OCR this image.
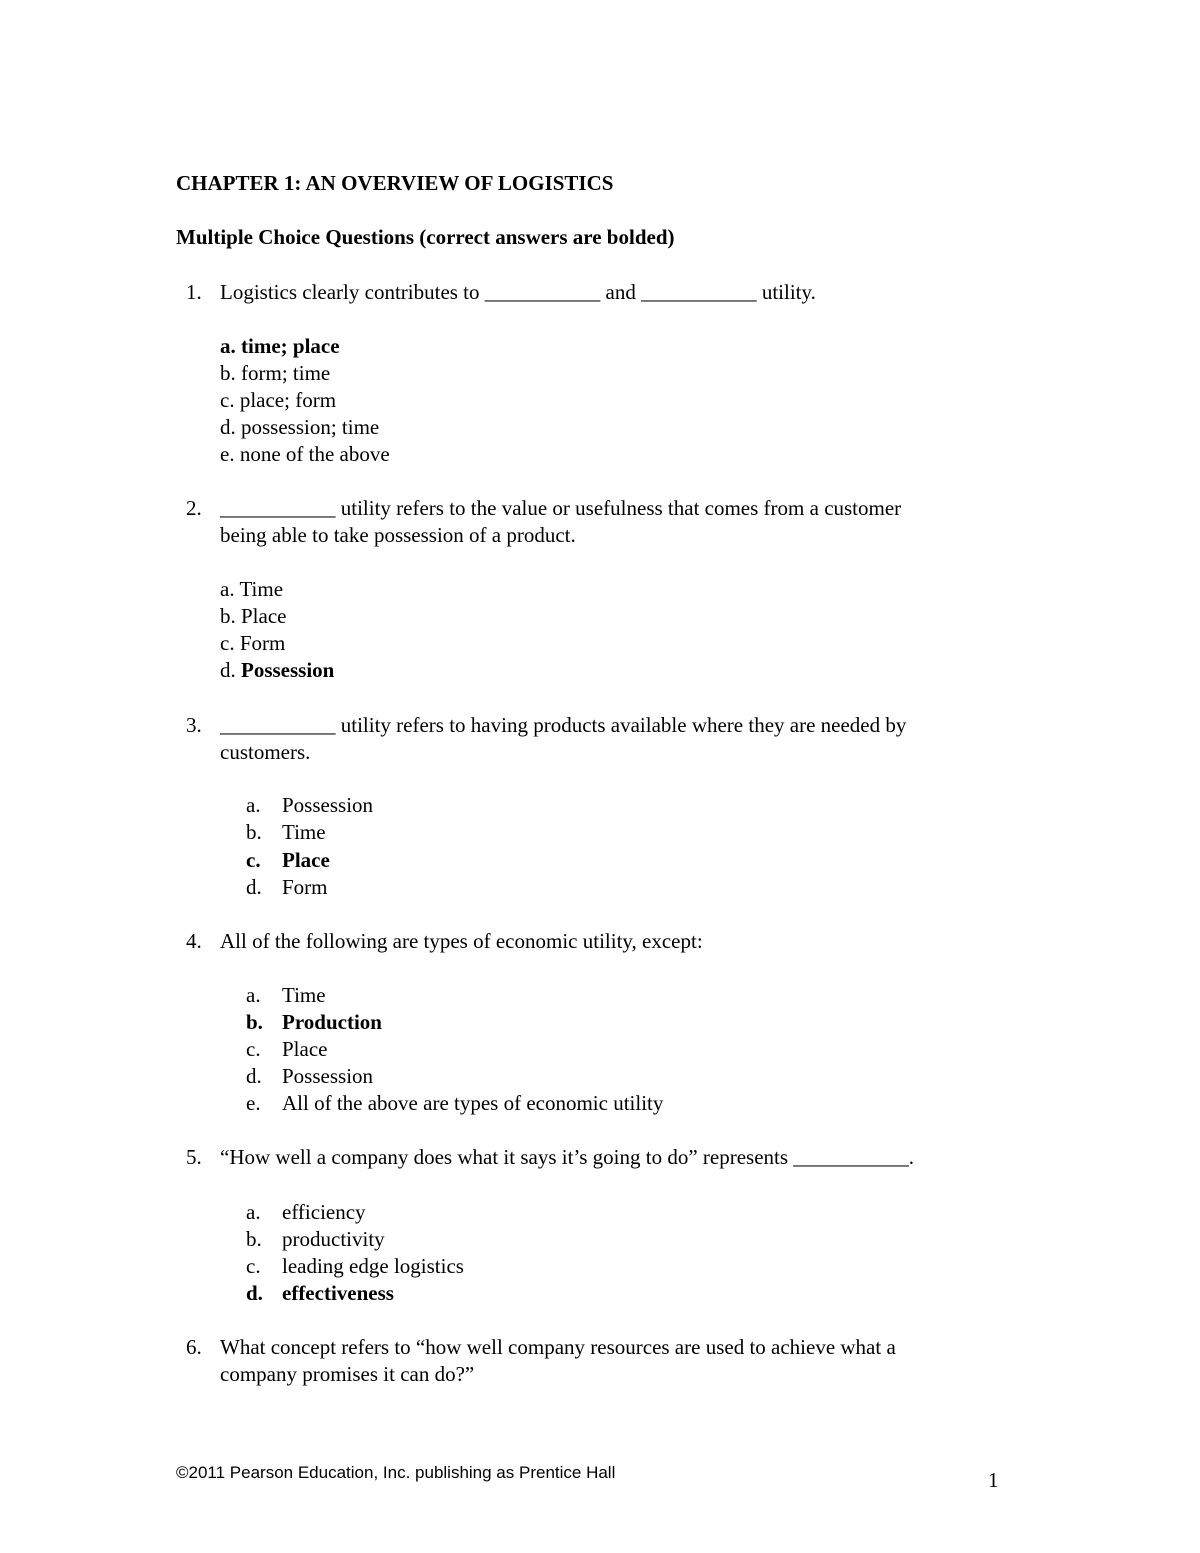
CHAPTER 1: AN OVERVIEW OF LOGISTICS
Multiple Choice Questions (correct answers are bolded)
1. Logistics clearly contributes to ___________ and ___________ utility.
a. time; place
b. form; time
c. place; form
d. possession; time
e. none of the above
2. ___________ utility refers to the value or usefulness that comes from a customer
being able to take possession of a product.
a. Time
b. Place
c. Form
d. Possession
3. ___________ utility refers to having products available where they are needed by
customers.
a. Possession
b. Time
c. Place
d. Form
4. All of the following are types of economic utility, except:
a. Time
b. Production
c. Place
d. Possession
e. All of the above are types of economic utility
5. “How well a company does what it says it’s going to do” represents ___________.
a. efficiency
b. productivity
c. leading edge logistics
d. effectiveness
6. What concept refers to “how well company resources are used to achieve what a
company promises it can do?”
©2011 Pearson Education, Inc. publishing as Prentice Hall	1
